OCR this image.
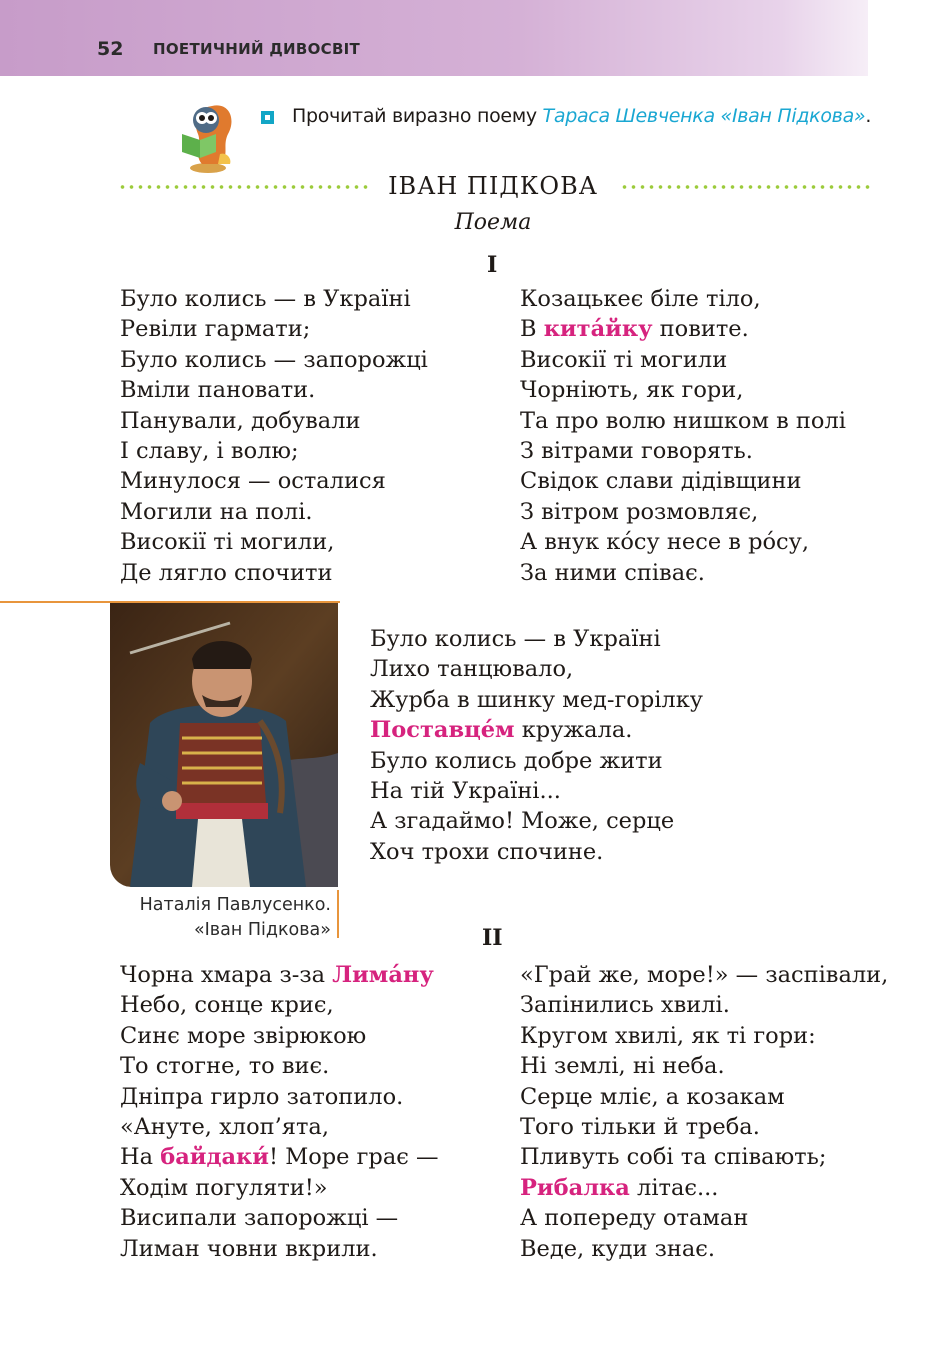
52 ПОЕТИЧНИЙ ДИВОСВІТ
Прочитай виразно поему Тараса Шевченка «Іван Підкова».
ІВАН ПІДКОВА
Поема
I
Було колись — в Україні
Ревіли гармати;
Було колись — запорожці
Вміли пановати.
Панували, добували
І славу, і волю;
Минулося — осталися
Могили на полі.
Високії ті могили,
Де лягло спочити
Козацькеє біле тіло,
В кита́йку повите.
Високії ті могили
Чорніють, як гори,
Та про волю нишком в полі
З вітрами говорять.
Свідок слави дідівщини
З вітром розмовляє,
А внук ко́су несе в ро́су,
За ними співає.
Наталія Павлусенко.
«Іван Підкова»
Було колись — в Україні
Лихо танцювало,
Журба в шинку мед-горілку
Поставце́м кружала.
Було колись добре жити
На тій Україні...
А згадаймо! Може, серце
Хоч трохи спочине.
II
Чорна хмара з-за Лима́ну
Небо, сонце криє,
Синє море звірюкою
То стогне, то виє.
Дніпра гирло затопило.
«Ануте, хлоп’ята,
На байдаки́! Море грає —
Ходім погуляти!»
Висипали запорожці —
Лиман човни вкрили.
«Грай же, море!» — заспівали,
Запінились хвилі.
Кругом хвилі, як ті гори:
Ні землі, ні неба.
Серце мліє, а козакам
Того тільки й треба.
Пливуть собі та співають;
Рибалка літає...
А попереду отаман
Веде, куди знає.
